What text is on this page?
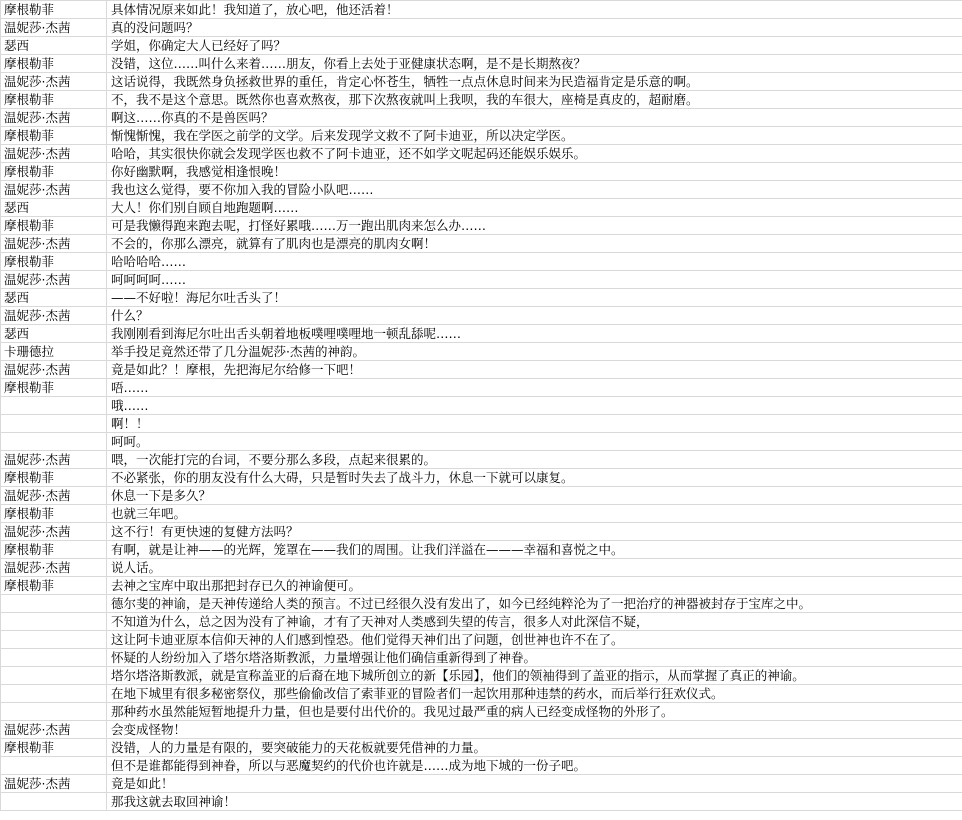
摩根勒菲	具体情况原来如此！我知道了，放心吧，他还活着！
温妮莎·杰茜	真的没问题吗？
瑟西	学姐，你确定大人已经好了吗？
摩根勒菲	没错，这位……叫什么来着……朋友，你看上去处于亚健康状态啊，是不是长期熬夜？
温妮莎·杰茜	这话说得，我既然身负拯救世界的重任，肯定心怀苍生，牺牲一点点休息时间来为民造福肯定是乐意的啊。
摩根勒菲	不，我不是这个意思。既然你也喜欢熬夜，那下次熬夜就叫上我呗，我的车很大，座椅是真皮的，超耐磨。
温妮莎·杰茜	啊这……你真的不是兽医吗？
摩根勒菲	惭愧惭愧，我在学医之前学的文学。后来发现学文救不了阿卡迪亚，所以决定学医。
温妮莎·杰茜	哈哈，其实很快你就会发现学医也救不了阿卡迪亚，还不如学文呢起码还能娱乐娱乐。
摩根勒菲	你好幽默啊，我感觉相逢恨晚！
温妮莎·杰茜	我也这么觉得，要不你加入我的冒险小队吧……
瑟西	大人！你们别自顾自地跑题啊……
摩根勒菲	可是我懒得跑来跑去呢，打怪好累哦……万一跑出肌肉来怎么办……
温妮莎·杰茜	不会的，你那么漂亮，就算有了肌肉也是漂亮的肌肉女啊！
摩根勒菲	哈哈哈哈……
温妮莎·杰茜	呵呵呵呵……
瑟西	——不好啦！海尼尔吐舌头了！
温妮莎·杰茜	什么？
瑟西	我刚刚看到海尼尔吐出舌头朝着地板噗哩噗哩地一顿乱舔呢……
卡珊德拉	举手投足竟然还带了几分温妮莎·杰茜的神韵。
温妮莎·杰茜	竟是如此？！摩根，先把海尼尔给修一下吧！
摩根勒菲	唔……
	哦……
	啊！！
	呵呵。
温妮莎·杰茜	喂，一次能打完的台词，不要分那么多段，点起来很累的。
摩根勒菲	不必紧张，你的朋友没有什么大碍，只是暂时失去了战斗力，休息一下就可以康复。
温妮莎·杰茜	休息一下是多久？
摩根勒菲	也就三年吧。
温妮莎·杰茜	这不行！有更快速的复健方法吗？
摩根勒菲	有啊，就是让神——的光辉，笼罩在——我们的周围。让我们洋溢在———幸福和喜悦之中。
温妮莎·杰茜	说人话。
摩根勒菲	去神之宝库中取出那把封存已久的神谕便可。
	德尔斐的神谕，是天神传递给人类的预言。不过已经很久没有发出了，如今已经纯粹沦为了一把治疗的神器被封存于宝库之中。
	不知道为什么，总之因为没有了神谕，才有了天神对人类感到失望的传言，很多人对此深信不疑，
	这让阿卡迪亚原本信仰天神的人们感到惶恐。他们觉得天神们出了问题，创世神也许不在了。
	怀疑的人纷纷加入了塔尔塔洛斯教派，力量增强让他们确信重新得到了神眷。
	塔尔塔洛斯教派，就是宣称盖亚的后裔在地下城所创立的新【乐园】，他们的领袖得到了盖亚的指示，从而掌握了真正的神谕。
	在地下城里有很多秘密祭仪，那些偷偷改信了索菲亚的冒险者们一起饮用那种违禁的药水，而后举行狂欢仪式。
	那种药水虽然能短暂地提升力量，但也是要付出代价的。我见过最严重的病人已经变成怪物的外形了。
温妮莎·杰茜	会变成怪物！
摩根勒菲	没错，人的力量是有限的，要突破能力的天花板就要凭借神的力量。
	但不是谁都能得到神眷，所以与恶魔契约的代价也许就是……成为地下城的一份子吧。
温妮莎·杰茜	竟是如此！
	那我这就去取回神谕！
